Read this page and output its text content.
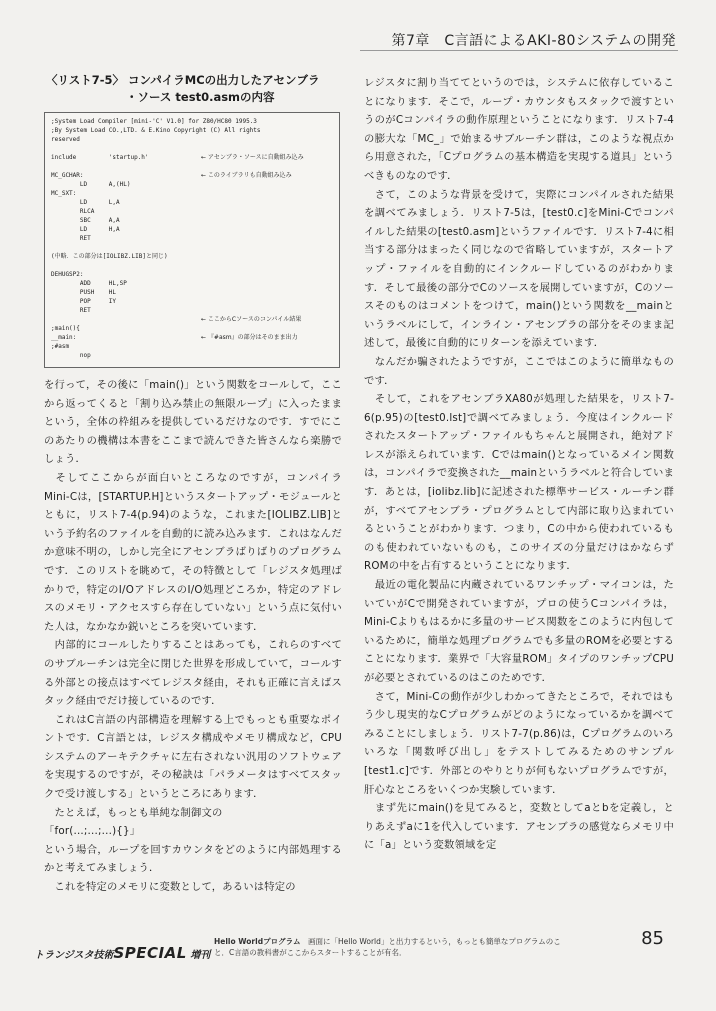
第7章　C言語によるAKI-80システムの開発
〈リスト7-5〉 コンパイラMCの出力したアセンブラ
・ソース test0.asmの内容
;System Load Compiler [mini-'C' V1.0] for Z80/HC80 1995.3
;By System Load CO.,LTD. & E.Kino Copyright (C) All rights
reserved
include         'startup.h'	← アセンブラ・ソースに自動組み込み
MC_GCHAR:	← このライブラリも自動組み込み
LD      A,(HL)
MC_SXT:
LD      L,A
RLCA
SBC     A,A
LD      H,A
RET
(中略．この部分は[IOLIBZ.LIB]と同じ)
DEHUGSP2:
ADD     HL,SP
PUSH    HL
POP     IY
RET
← ここからCソースのコンパイル結果
;main(){
__main:	← 『#asm』の部分はそのまま出力
;#asm
nop

を行って，その後に「main()」という関数をコールして，ここから返ってくると「割り込み禁止の無限ループ」に入ったままという，全体の枠組みを提供しているだけなのです．すでにこのあたりの機構は本書をここまで読んできた皆さんなら楽勝でしょう．

　そしてここからが面白いところなのですが，コンパイラMini-Cは，[STARTUP.H]というスタートアップ・モジュールとともに，リスト7-4(p.94)のような，これまた[IOLIBZ.LIB]という予約名のファイルを自動的に読み込みます．これはなんだか意味不明の，しかし完全にアセンブラばりばりのプログラムです．このリストを眺めて，その特徴として「レジスタ処理ばかりで，特定のI/OアドレスのI/O処理どころか，特定のアドレスのメモリ・アクセスすら存在していない」という点に気付いた人は，なかなか鋭いところを突いています．

　内部的にコールしたりすることはあっても，これらのすべてのサブルーチンは完全に閉じた世界を形成していて，コールする外部との接点はすべてレジスタ経由，それも正確に言えばスタック経由でだけ接しているのです．

　これはC言語の内部構造を理解する上でもっとも重要なポイントです．C言語とは，レジスタ構成やメモリ構成など，CPUシステムのアーキテクチャに左右されない汎用のソフトウェアを実現するのですが，その秘訣は「パラメータはすべてスタックで受け渡しする」というところにあります．

　たとえば，もっとも単純な制御文の

「for(...;...;...){}」

という場合，ループを回すカウンタをどのように内部処理するかと考えてみましょう．

　これを特定のメモリに変数として，あるいは特定の

レジスタに割り当ててというのでは，システムに依存していることになります．そこで，ループ・カウンタもスタックで渡すというのがCコンパイラの動作原理ということになります．リスト7-4の膨大な「MC_」で始まるサブルーチン群は，このような視点から用意された，「Cプログラムの基本構造を実現する道具」というべきものなのです．

　さて，このような背景を受けて，実際にコンパイルされた結果を調べてみましょう．リスト7-5は，[test0.c]をMini-Cでコンパイルした結果の[test0.asm]というファイルです．リスト7-4に相当する部分はまったく同じなので省略していますが，スタートアップ・ファイルを自動的にインクルードしているのがわかります．そして最後の部分でCのソースを展開していますが，Cのソースそのものはコメントをつけて，main()という関数を__mainというラベルにして，インライン・アセンブラの部分をそのまま記述して，最後に自動的にリターンを添えています．

　なんだか騙されたようですが，ここではこのように簡単なものです．

　そして，これをアセンブラXA80が処理した結果を，リスト7-6(p.95)の[test0.lst]で調べてみましょう．今度はインクルードされたスタートアップ・ファイルもちゃんと展開され，絶対アドレスが添えられています．Cではmain()となっているメイン関数は，コンパイラで変換された__mainというラベルと符合しています．あとは，[iolibz.lib]に記述された標準サービス・ルーチン群が，すべてアセンブラ・プログラムとして内部に取り込まれているということがわかります．つまり，Cの中から使われているものも使われていないものも，このサイズの分量だけはかならずROMの中を占有するということになります．

　最近の電化製品に内蔵されているワンチップ・マイコンは，たいていがCで開発されていますが，プロの使うCコンパイラは，Mini-Cよりもはるかに多量のサービス関数をこのように内包しているために，簡単な処理プログラムでも多量のROMを必要とすることになります．業界で「大容量ROM」タイプのワンチップCPUが必要とされているのはこのためです．

　さて，Mini-Cの動作が少しわかってきたところで，それではもう少し現実的なCプログラムがどのようになっているかを調べてみることにしましょう．リスト7-7(p.86)は，Cプログラムのいろいろな「関数呼び出し」をテストしてみるためのサンプル[test1.c]です．外部とのやりとりが何もないプログラムですが，肝心なところをいくつか実験しています．

　まず先にmain()を見てみると，変数としてaとbを定義し，とりあえずaに1を代入しています．アセンブラの感覚ならメモリ中に「a」という変数領域を定

トランジスタ技術SPECIAL 増刊
Hello Worldプログラム　画面に「Hello World」と出力するという，もっとも簡単なプログラムのこと．C言語の教科書がここからスタートすることが有名．
85
